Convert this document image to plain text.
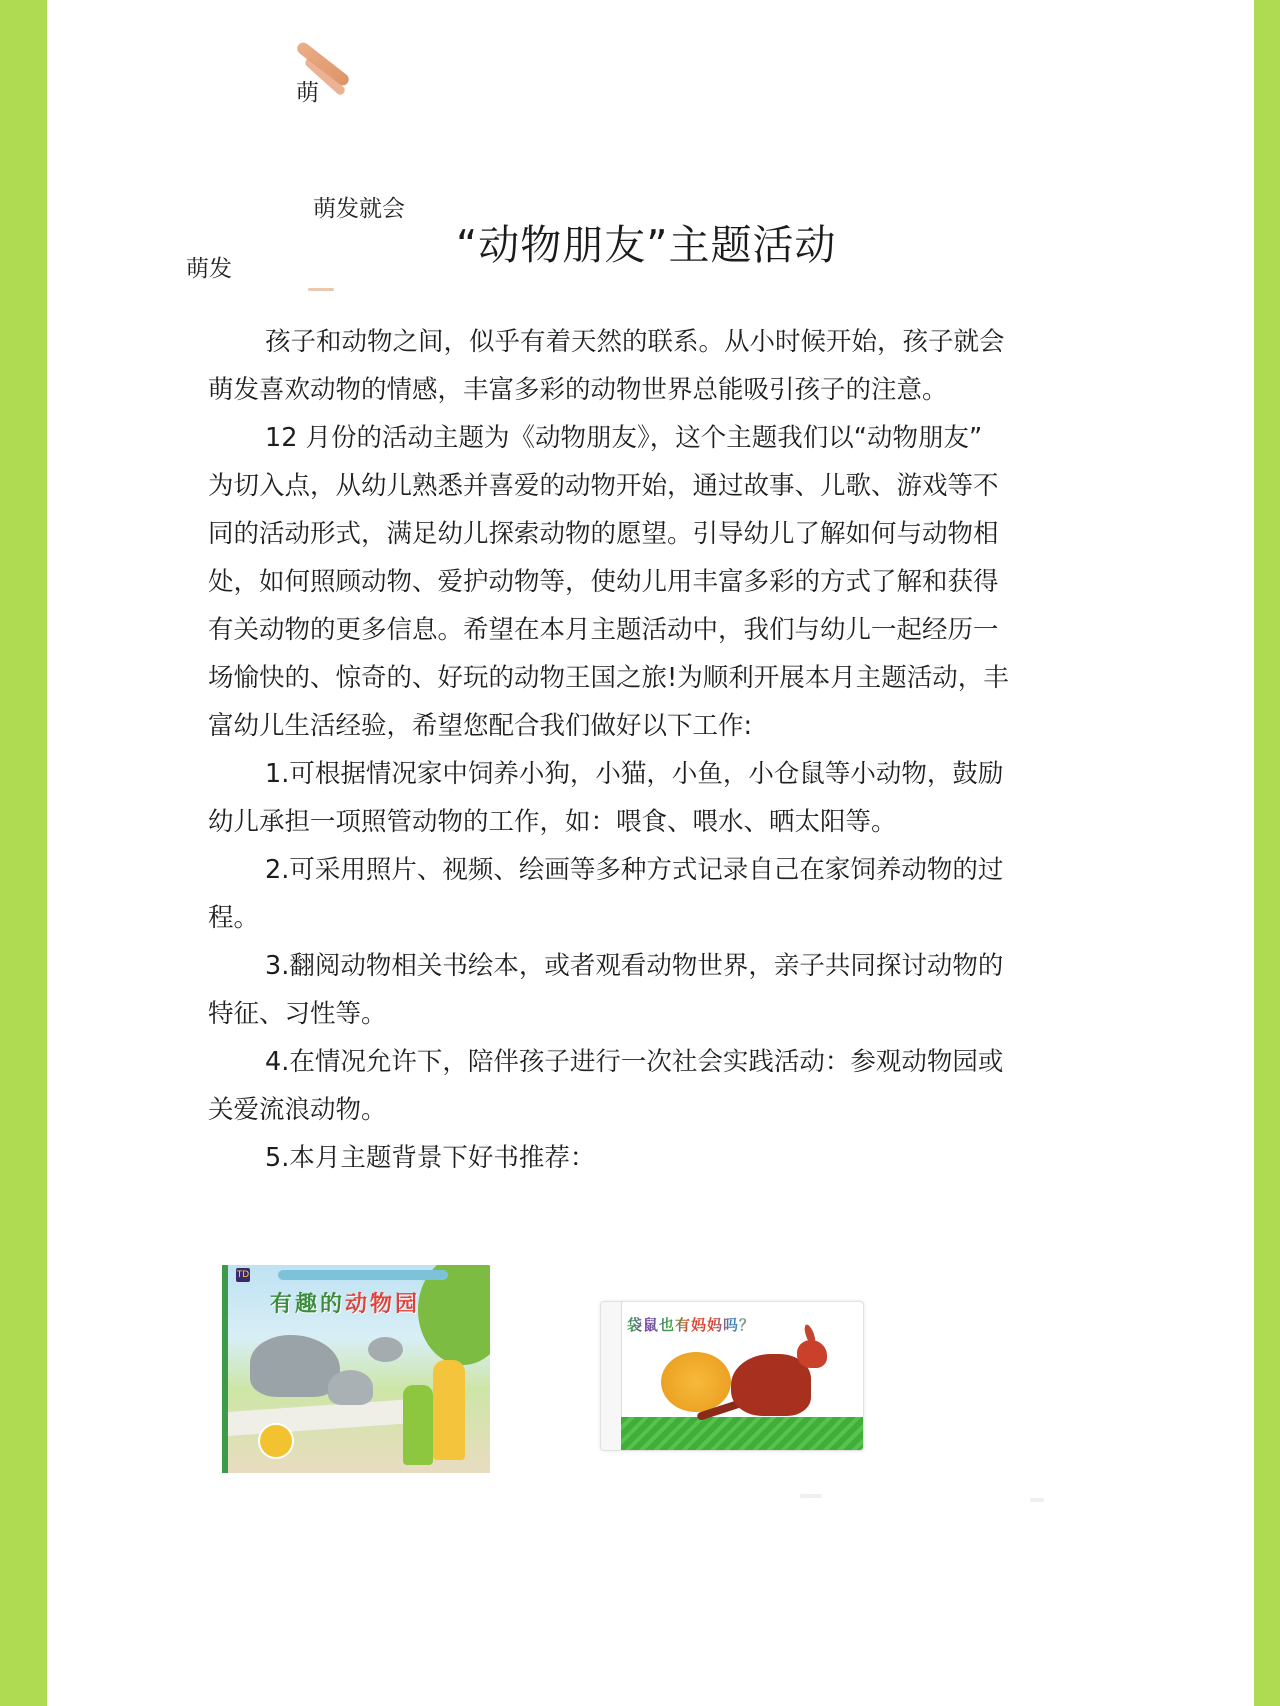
萌
萌发就会
萌发	“动物朋友”主题活动
孩子和动物之间，似乎有着天然的联系。从小时候开始，孩子就会
萌发喜欢动物的情感，丰富多彩的动物世界总能吸引孩子的注意。
12 月份的活动主题为《动物朋友》，这个主题我们以“动物朋友”
为切入点，从幼儿熟悉并喜爱的动物开始，通过故事、儿歌、游戏等不
同的活动形式，满足幼儿探索动物的愿望。引导幼儿了解如何与动物相
处，如何照顾动物、爱护动物等，使幼儿用丰富多彩的方式了解和获得
有关动物的更多信息。希望在本月主题活动中，我们与幼儿一起经历一
场愉快的、惊奇的、好玩的动物王国之旅!为顺利开展本月主题活动，丰
富幼儿生活经验，希望您配合我们做好以下工作:
1.可根据情况家中饲养小狗，小猫，小鱼，小仓鼠等小动物，鼓励
幼儿承担一项照管动物的工作，如：喂食、喂水、晒太阳等。
2.可采用照片、视频、绘画等多种方式记录自己在家饲养动物的过
程。
3.翻阅动物相关书绘本，或者观看动物世界，亲子共同探讨动物的
特征、习性等。
4.在情况允许下，陪伴孩子进行一次社会实践活动：参观动物园或
关爱流浪动物。
5.本月主题背景下好书推荐：
TD
有趣的动物园
袋鼠也有妈妈吗？
